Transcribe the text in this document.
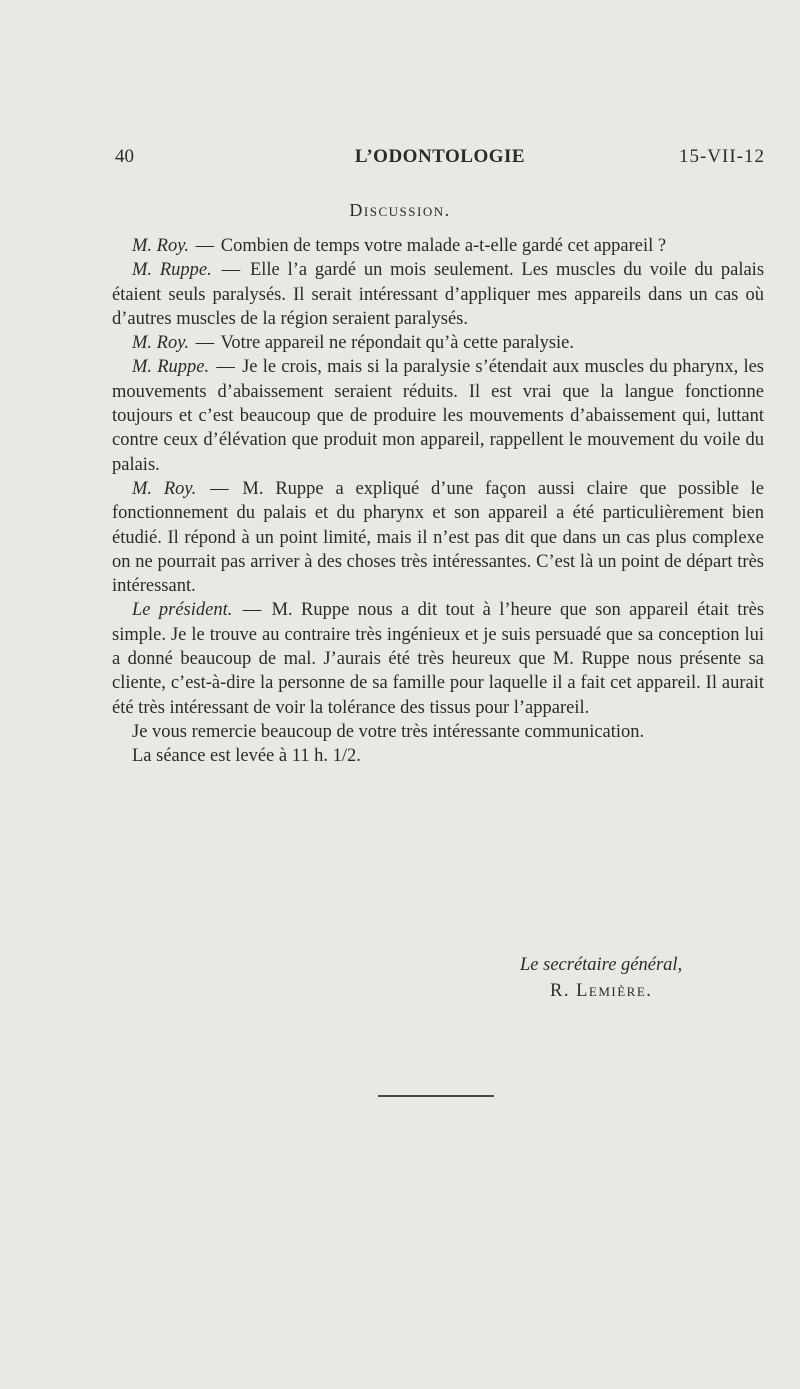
40	L’ODONTOLOGIE	15-VII-12
Discussion.

M. Roy. — Combien de temps votre malade a-t-elle gardé cet appareil ?

M. Ruppe. — Elle l’a gardé un mois seulement. Les muscles du voile du palais étaient seuls paralysés. Il serait intéressant d’appliquer mes appareils dans un cas où d’autres muscles de la région seraient paralysés.

M. Roy. — Votre appareil ne répondait qu’à cette paralysie.

M. Ruppe. — Je le crois, mais si la paralysie s’étendait aux muscles du pharynx, les mouvements d’abaissement seraient réduits. Il est vrai que la langue fonctionne toujours et c’est beaucoup que de produire les mouvements d’abaissement qui, luttant contre ceux d’élévation que produit mon appareil, rappellent le mouvement du voile du palais.

M. Roy. — M. Ruppe a expliqué d’une façon aussi claire que possible le fonctionnement du palais et du pharynx et son appareil a été particulièrement bien étudié. Il répond à un point limité, mais il n’est pas dit que dans un cas plus complexe on ne pourrait pas arriver à des choses très intéressantes. C’est là un point de départ très intéressant.

Le président. — M. Ruppe nous a dit tout à l’heure que son appareil était très simple. Je le trouve au contraire très ingénieux et je suis persuadé que sa conception lui a donné beaucoup de mal. J’aurais été très heureux que M. Ruppe nous présente sa cliente, c’est-à-dire la personne de sa famille pour laquelle il a fait cet appareil. Il aurait été très intéressant de voir la tolérance des tissus pour l’appareil.

Je vous remercie beaucoup de votre très intéressante communication.

La séance est levée à 11 h. 1/2.

Le secrétaire général,
R. Lemière.
